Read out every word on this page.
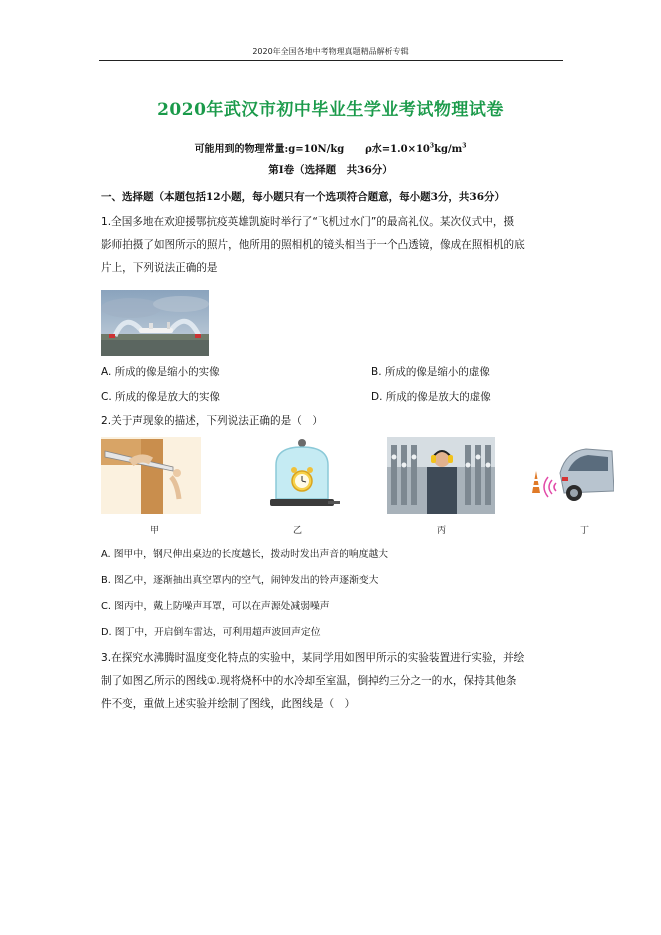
2020年全国各地中考物理真题精品解析专辑
2020年武汉市初中毕业生学业考试物理试卷
可能用到的物理常量:g=10N/kg ρ水$=1.0\times 10^3kg/m^3$
第Ⅰ卷（选择题　共36分）
一、选择题（本题包括12小题，每小题只有一个选项符合题意，每小题3分，共36分）
1.全国多地在欢迎援鄂抗疫英雄凯旋时举行了“飞机过水门”的最高礼仪。某次仪式中，摄
影师拍摄了如图所示的照片，他所用的照相机的镜头相当于一个凸透镜，像成在照相机的底
片上，下列说法正确的是
A. 所成的像是缩小的实像	B. 所成的像是缩小的虚像
C. 所成的像是放大的实像	D. 所成的像是放大的虚像
2.关于声现象的描述，下列说法正确的是（　）
甲	乙	丙	丁
A. 图甲中，钢尺伸出桌边的长度越长，拨动时发出声音的响度越大
B. 图乙中，逐渐抽出真空罩内的空气，闹钟发出的铃声逐渐变大
C. 图丙中，戴上防噪声耳罩，可以在声源处减弱噪声
D. 图丁中，开启倒车雷达，可利用超声波回声定位
3.在探究水沸腾时温度变化特点的实验中，某同学用如图甲所示的实验装置进行实验，并绘
制了如图乙所示的图线①.现将烧杯中的水冷却至室温，倒掉约三分之一的水，保持其他条
件不变，重做上述实验并绘制了图线，此图线是（　）
